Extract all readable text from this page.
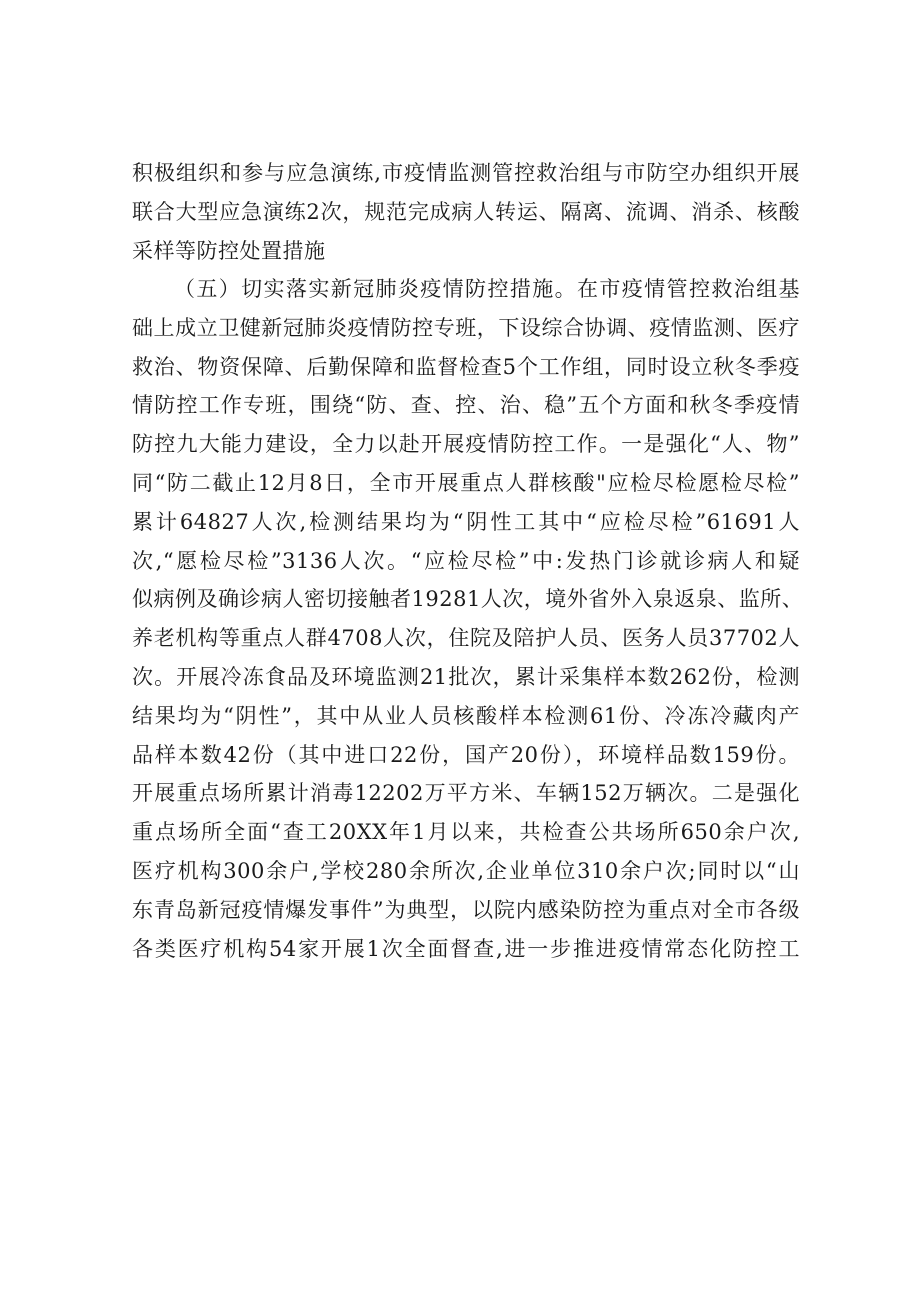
积极组织和参与应急演练,市疫情监测管控救治组与市防空办组织开展
联合大型应急演练2次，规范完成病人转运、隔离、流调、消杀、核酸
采样等防控处置措施
（五）切实落实新冠肺炎疫情防控措施。在市疫情管控救治组基
础上成立卫健新冠肺炎疫情防控专班，下设综合协调、疫情监测、医疗
救治、物资保障、后勤保障和监督检查5个工作组，同时设立秋冬季疫
情防控工作专班，围绕“防、查、控、治、稳”五个方面和秋冬季疫情
防控九大能力建设，全力以赴开展疫情防控工作。一是强化“人、物”
同“防二截止12月8日，全市开展重点人群核酸"应检尽检愿检尽检”
累计64827人次,检测结果均为“阴性工其中“应检尽检”61691人
次,“愿检尽检”3136人次。“应检尽检”中:发热门诊就诊病人和疑
似病例及确诊病人密切接触者19281人次，境外省外入泉返泉、监所、
养老机构等重点人群4708人次，住院及陪护人员、医务人员37702人
次。开展冷冻食品及环境监测21批次，累计采集样本数262份，检测
结果均为“阴性”，其中从业人员核酸样本检测61份、冷冻冷藏肉产
品样本数42份（其中进口22份，国产20份），环境样品数159份。
开展重点场所累计消毒12202万平方米、车辆152万辆次。二是强化
重点场所全面“查工20XX年1月以来，共检查公共场所650余户次,
医疗机构300余户,学校280余所次,企业单位310余户次;同时以“山
东青岛新冠疫情爆发事件”为典型，以院内感染防控为重点对全市各级
各类医疗机构54家开展1次全面督查,进一步推进疫情常态化防控工
